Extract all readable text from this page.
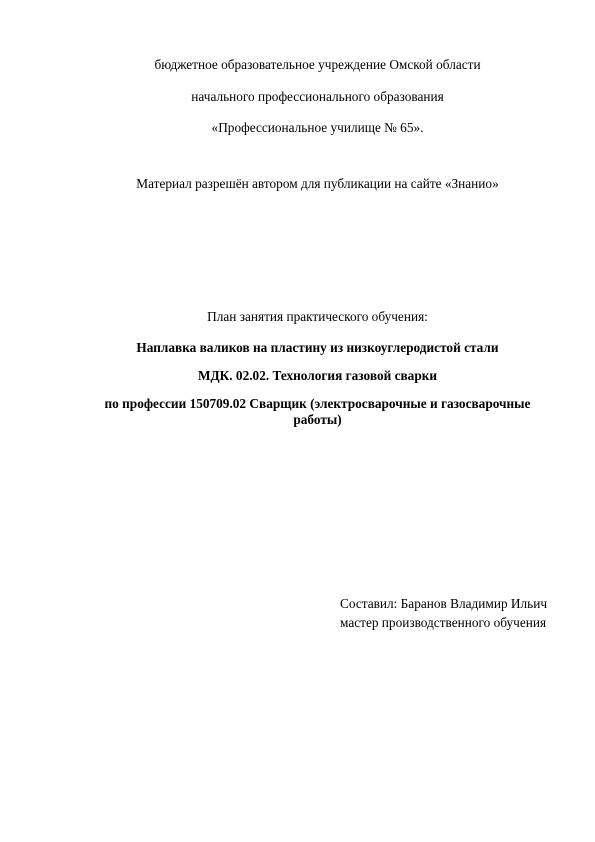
бюджетное образовательное учреждение Омской области
начального профессионального образования
«Профессиональное училище № 65».
Материал разрешён автором для публикации на сайте «Знанио»
План занятия практического обучения:
Наплавка валиков на пластину из низкоуглеродистой стали
МДК. 02.02. Технология газовой сварки
по профессии 150709.02 Сварщик (электросварочные и газосварочные работы)
Составил: Баранов Владимир Ильич
мастер производственного обучения
